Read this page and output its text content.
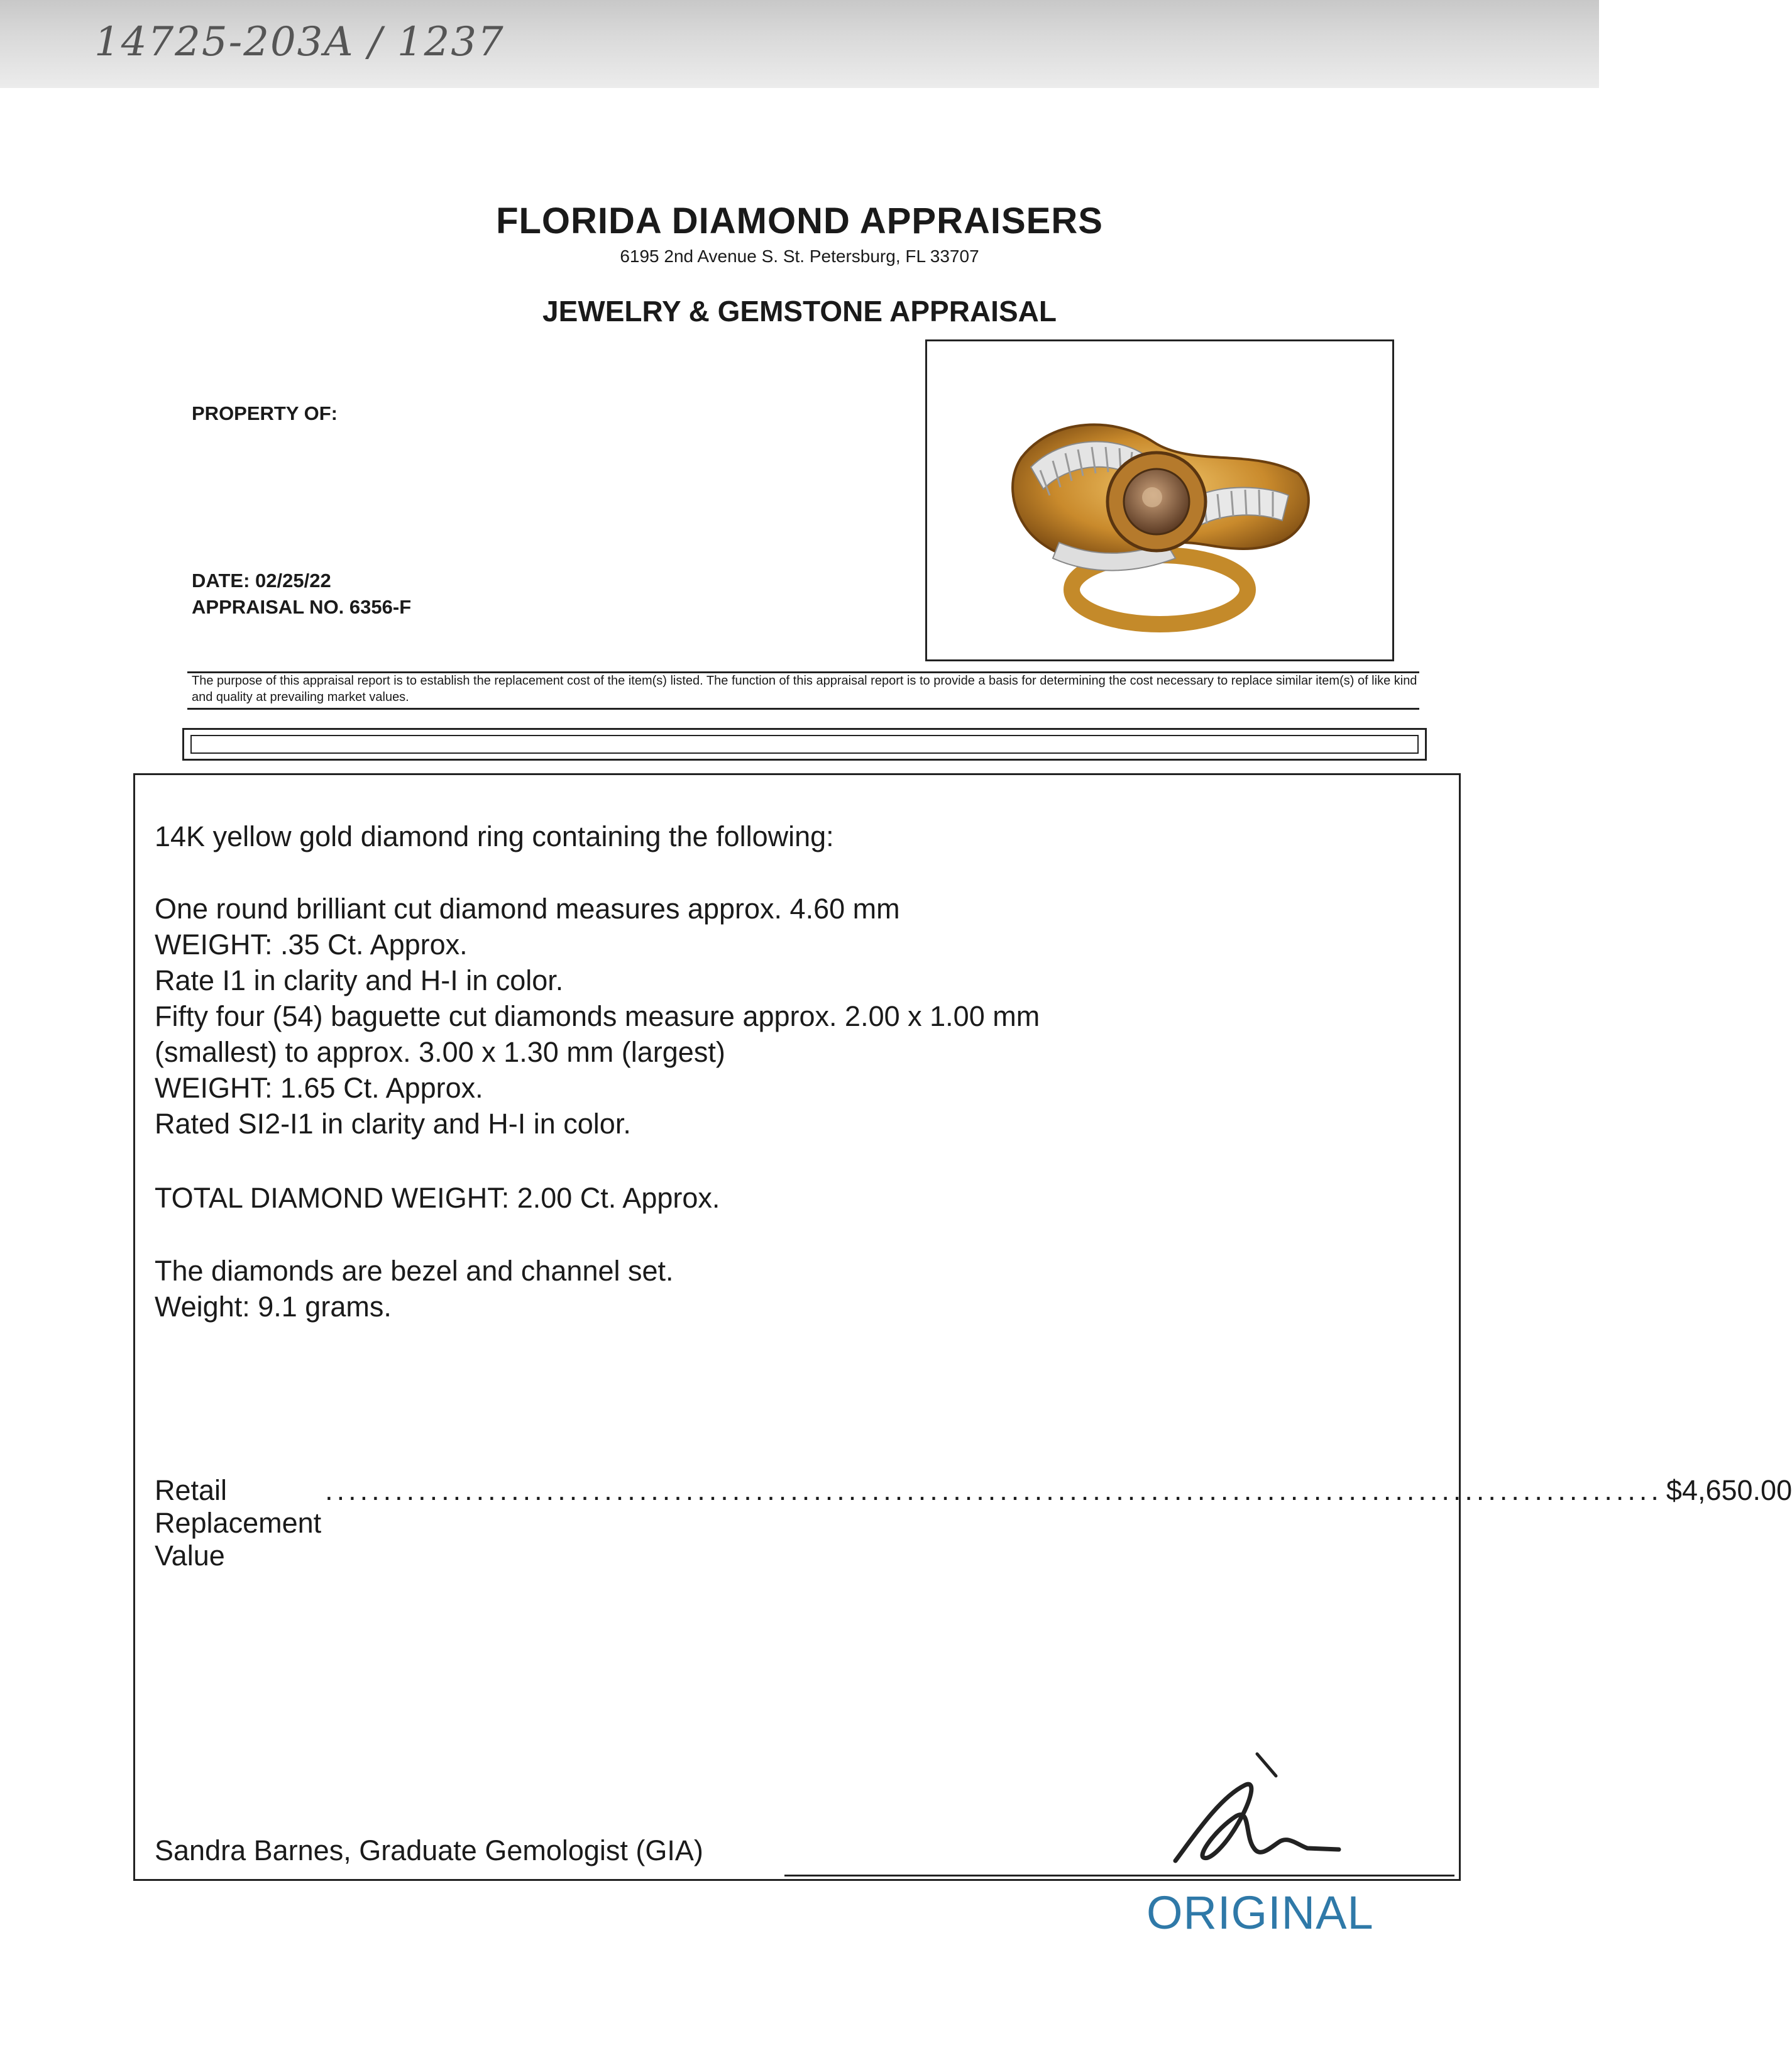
14725-203A / 1237
FLORIDA DIAMOND APPRAISERS
6195 2nd Avenue S. St. Petersburg, FL 33707
JEWELRY & GEMSTONE APPRAISAL
PROPERTY OF:
DATE: 02/25/22
APPRAISAL NO. 6356-F
The purpose of this appraisal report is to establish the replacement cost of the item(s) listed. The function of this appraisal report is to provide a basis for determining the cost necessary to replace similar item(s) of like kind and quality at prevailing market values.
14K yellow gold diamond ring containing the following:
One round brilliant cut diamond measures approx. 4.60 mm
WEIGHT: .35 Ct. Approx.
Rate I1 in clarity and H-I in color.
Fifty four (54) baguette cut diamonds measure approx. 2.00 x 1.00 mm
(smallest) to approx. 3.00 x 1.30 mm (largest)
WEIGHT: 1.65 Ct. Approx.
Rated SI2-I1 in clarity and H-I in color.
TOTAL DIAMOND WEIGHT: 2.00 Ct. Approx.
The diamonds are bezel and channel set.
Weight: 9.1 grams.
Retail Replacement Value
................................................................................................................... $4,650.00
Sandra Barnes, Graduate Gemologist (GIA)
ORIGINAL
